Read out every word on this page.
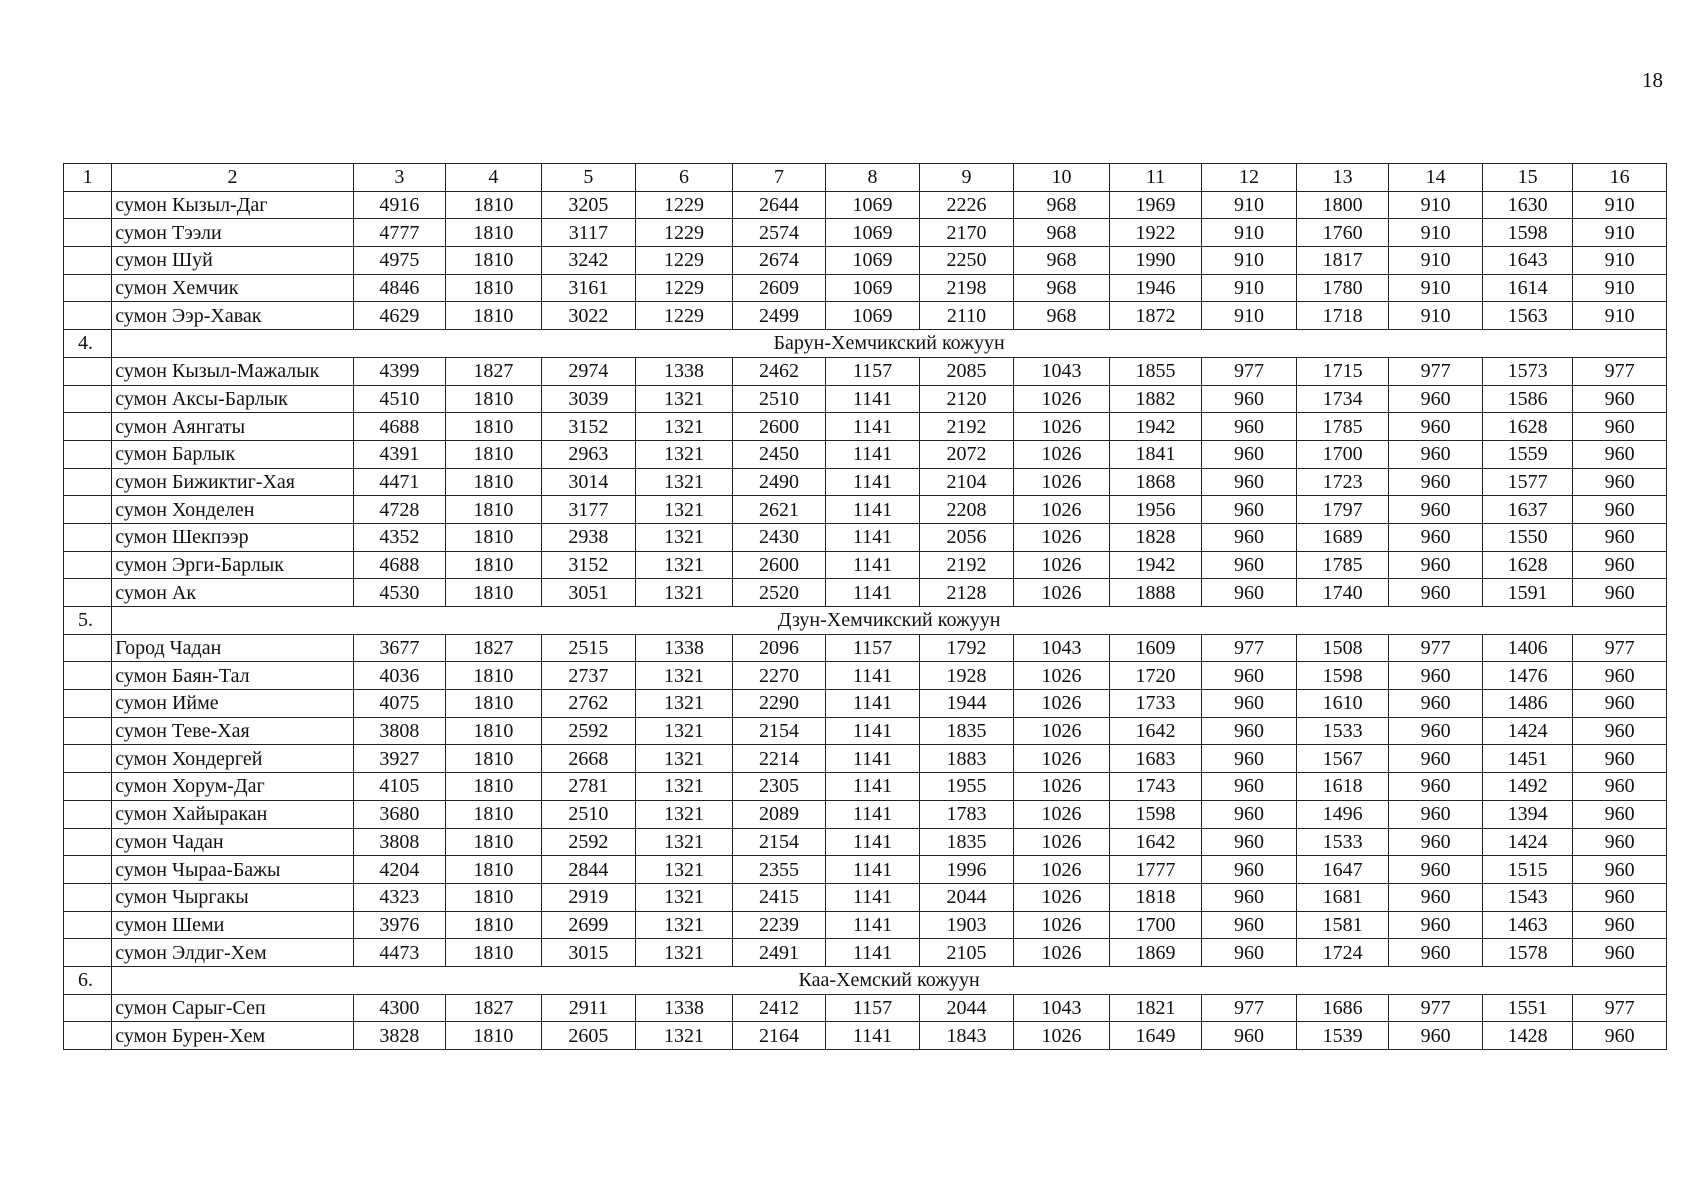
18
1	2	3	4	5	6	7	8	9	10	11	12	13	14	15	16
	сумон Кызыл-Даг	4916	1810	3205	1229	2644	1069	2226	968	1969	910	1800	910	1630	910
	сумон Тээли	4777	1810	3117	1229	2574	1069	2170	968	1922	910	1760	910	1598	910
	сумон Шуй	4975	1810	3242	1229	2674	1069	2250	968	1990	910	1817	910	1643	910
	сумон Хемчик	4846	1810	3161	1229	2609	1069	2198	968	1946	910	1780	910	1614	910
	сумон Ээр-Хавак	4629	1810	3022	1229	2499	1069	2110	968	1872	910	1718	910	1563	910
4.	Барун-Хемчикский кожуун														
	сумон Кызыл-Мажалык	4399	1827	2974	1338	2462	1157	2085	1043	1855	977	1715	977	1573	977
	сумон Аксы-Барлык	4510	1810	3039	1321	2510	1141	2120	1026	1882	960	1734	960	1586	960
	сумон Аянгаты	4688	1810	3152	1321	2600	1141	2192	1026	1942	960	1785	960	1628	960
	сумон Барлык	4391	1810	2963	1321	2450	1141	2072	1026	1841	960	1700	960	1559	960
	сумон Бижиктиг-Хая	4471	1810	3014	1321	2490	1141	2104	1026	1868	960	1723	960	1577	960
	сумон Хонделен	4728	1810	3177	1321	2621	1141	2208	1026	1956	960	1797	960	1637	960
	сумон Шекпээр	4352	1810	2938	1321	2430	1141	2056	1026	1828	960	1689	960	1550	960
	сумон Эрги-Барлык	4688	1810	3152	1321	2600	1141	2192	1026	1942	960	1785	960	1628	960
	сумон Ак	4530	1810	3051	1321	2520	1141	2128	1026	1888	960	1740	960	1591	960
5.	Дзун-Хемчикский кожуун														
	Город Чадан	3677	1827	2515	1338	2096	1157	1792	1043	1609	977	1508	977	1406	977
	сумон Баян-Тал	4036	1810	2737	1321	2270	1141	1928	1026	1720	960	1598	960	1476	960
	сумон Ийме	4075	1810	2762	1321	2290	1141	1944	1026	1733	960	1610	960	1486	960
	сумон Теве-Хая	3808	1810	2592	1321	2154	1141	1835	1026	1642	960	1533	960	1424	960
	сумон Хондергей	3927	1810	2668	1321	2214	1141	1883	1026	1683	960	1567	960	1451	960
	сумон Хорум-Даг	4105	1810	2781	1321	2305	1141	1955	1026	1743	960	1618	960	1492	960
	сумон Хайыракан	3680	1810	2510	1321	2089	1141	1783	1026	1598	960	1496	960	1394	960
	сумон Чадан	3808	1810	2592	1321	2154	1141	1835	1026	1642	960	1533	960	1424	960
	сумон Чыраа-Бажы	4204	1810	2844	1321	2355	1141	1996	1026	1777	960	1647	960	1515	960
	сумон Чыргакы	4323	1810	2919	1321	2415	1141	2044	1026	1818	960	1681	960	1543	960
	сумон Шеми	3976	1810	2699	1321	2239	1141	1903	1026	1700	960	1581	960	1463	960
	сумон Элдиг-Хем	4473	1810	3015	1321	2491	1141	2105	1026	1869	960	1724	960	1578	960
6.	Каа-Хемский кожуун														
	сумон Сарыг-Сеп	4300	1827	2911	1338	2412	1157	2044	1043	1821	977	1686	977	1551	977
	сумон Бурен-Хем	3828	1810	2605	1321	2164	1141	1843	1026	1649	960	1539	960	1428	960
